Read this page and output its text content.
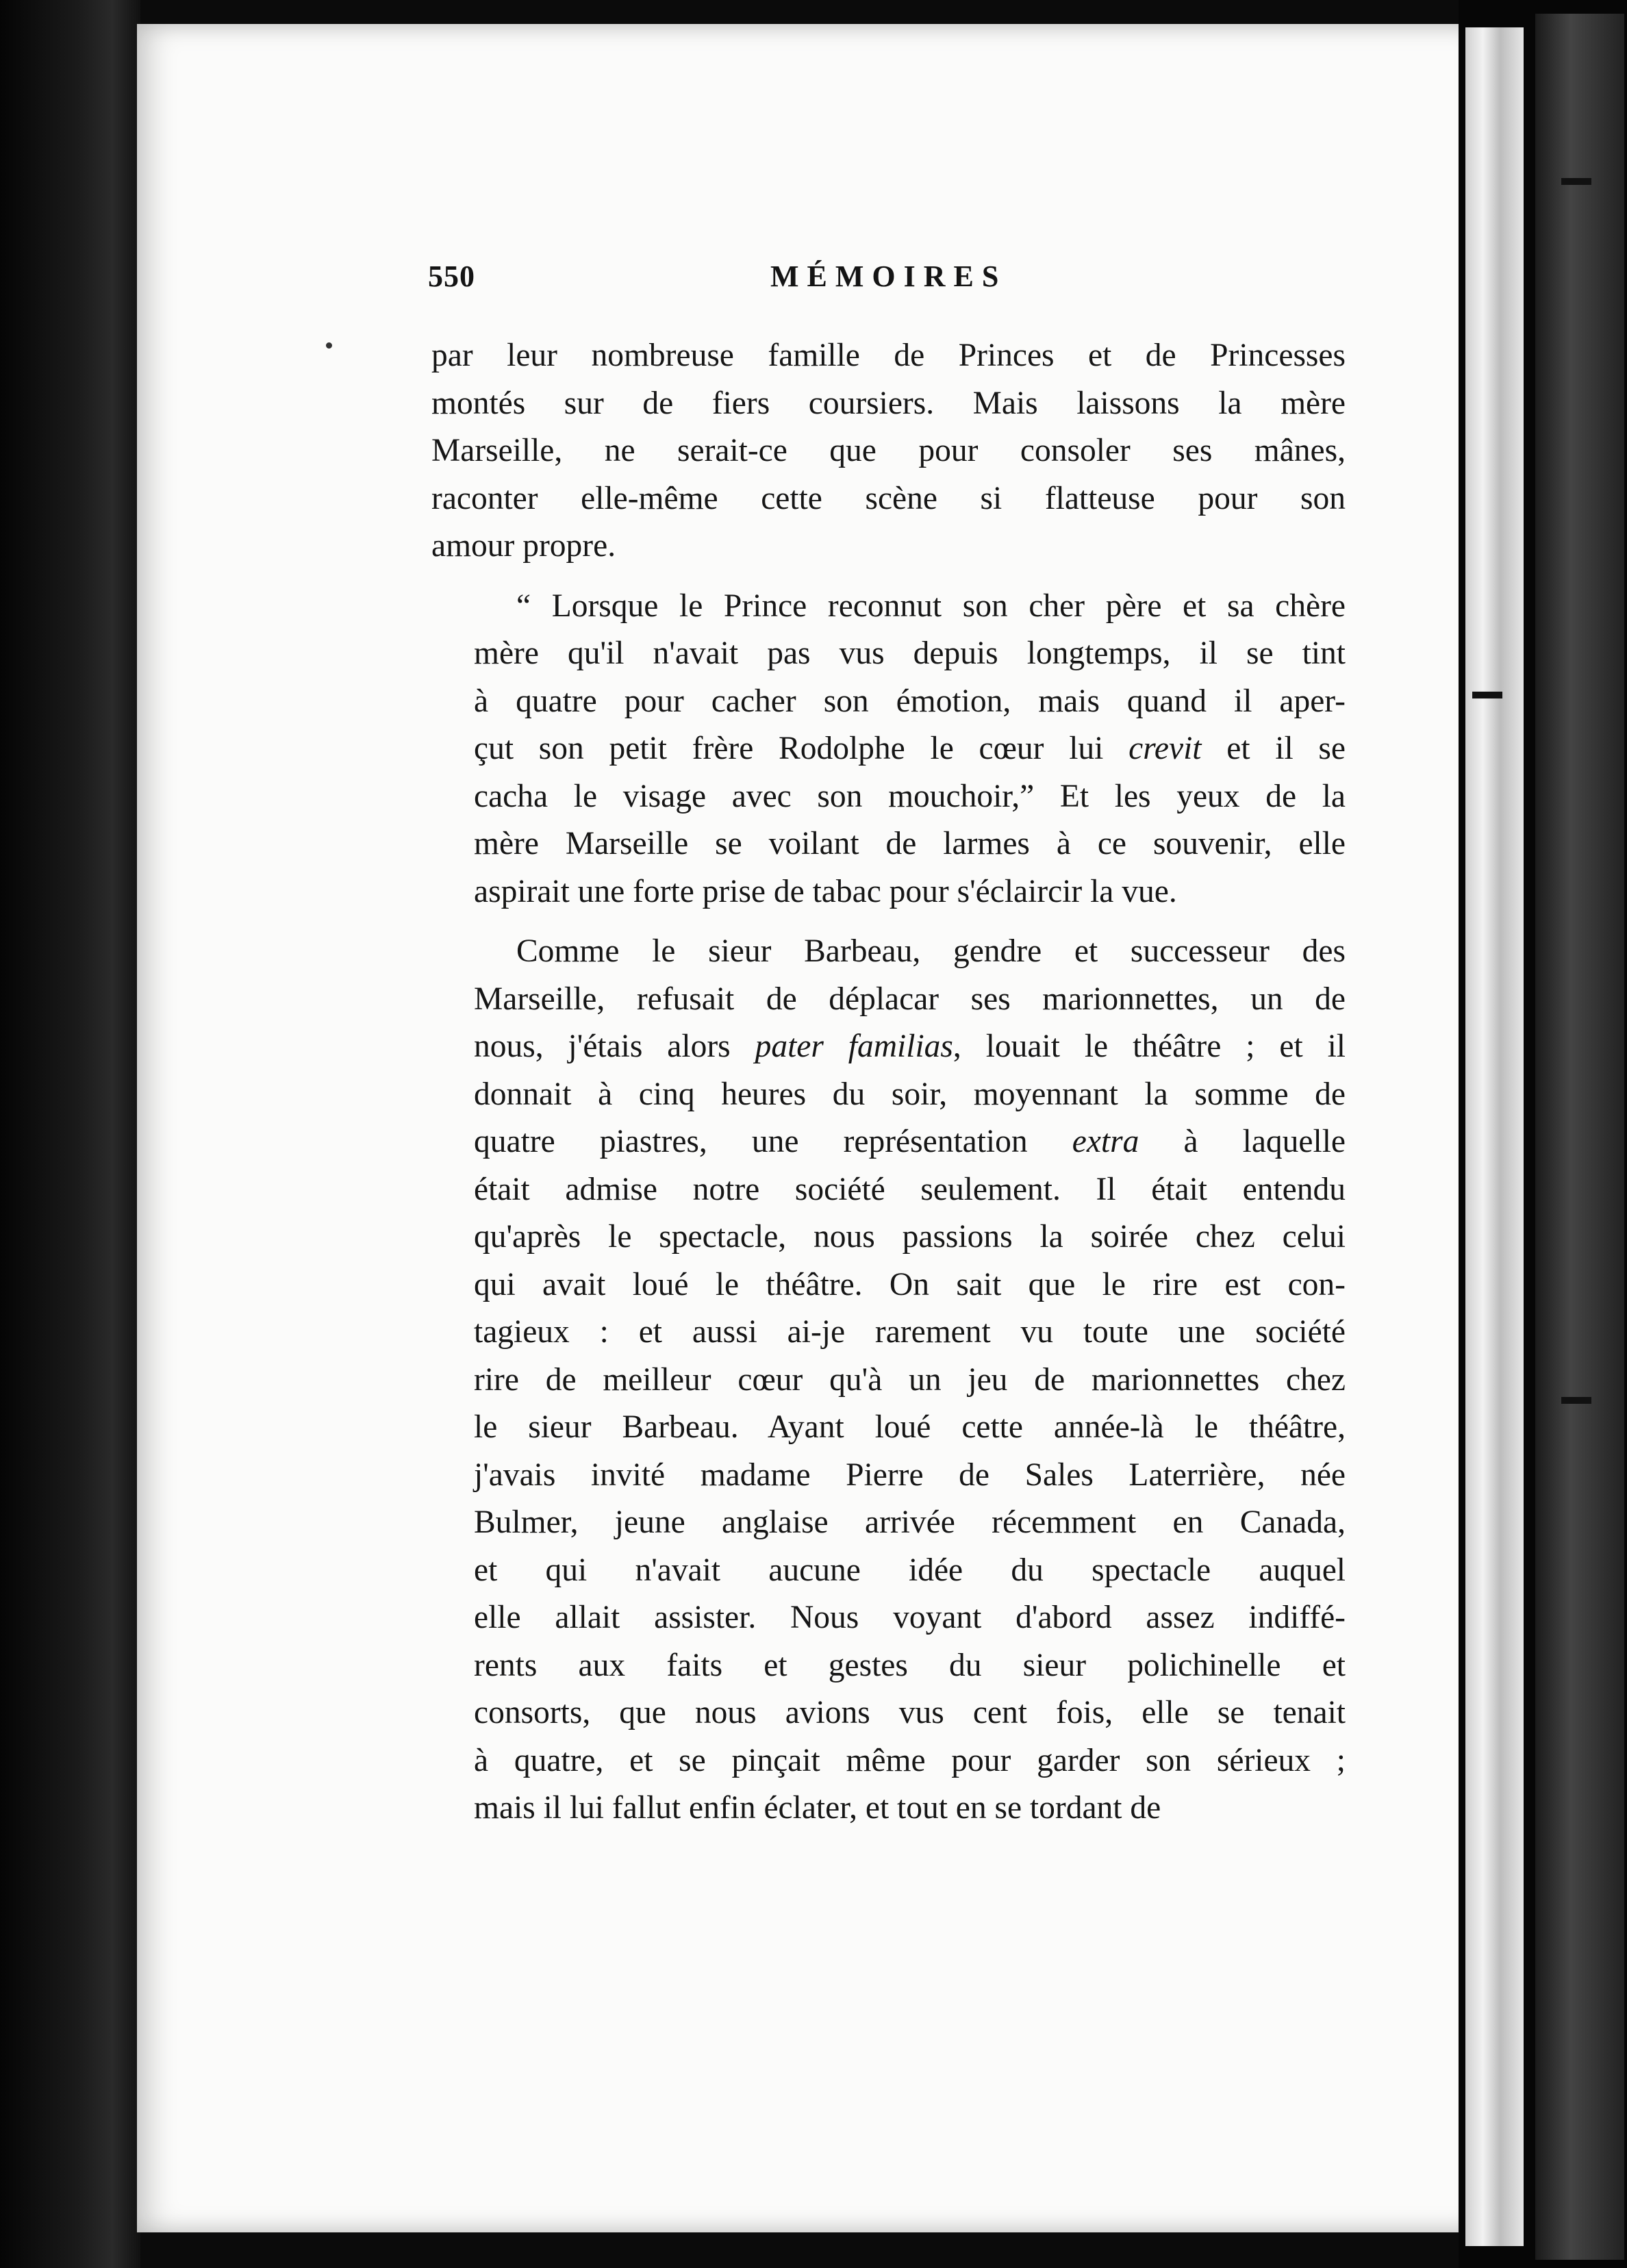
550	MÉMOIRES
par leur nombreuse famille de Princes et de Princesses
montés sur de fiers coursiers. Mais laissons la mère
Marseille, ne serait-ce que pour consoler ses mânes,
raconter elle-même cette scène si flatteuse pour son
amour propre.
“ Lorsque le Prince reconnut son cher père et sa chère
mère qu'il n'avait pas vus depuis longtemps, il se tint
à quatre pour cacher son émotion, mais quand il aper-
çut son petit frère Rodolphe le cœur lui crevit et il se
cacha le visage avec son mouchoir,” Et les yeux de la
mère Marseille se voilant de larmes à ce souvenir, elle
aspirait une forte prise de tabac pour s'éclaircir la vue.
Comme le sieur Barbeau, gendre et successeur des
Marseille, refusait de déplacar ses marionnettes, un de
nous, j'étais alors pater familias, louait le théâtre ; et il
donnait à cinq heures du soir, moyennant la somme de
quatre piastres, une représentation extra à laquelle
était admise notre société seulement. Il était entendu
qu'après le spectacle, nous passions la soirée chez celui
qui avait loué le théâtre. On sait que le rire est con-
tagieux : et aussi ai-je rarement vu toute une société
rire de meilleur cœur qu'à un jeu de marionnettes chez
le sieur Barbeau. Ayant loué cette année-là le théâtre,
j'avais invité madame Pierre de Sales Laterrière, née
Bulmer, jeune anglaise arrivée récemment en Canada,
et qui n'avait aucune idée du spectacle auquel
elle allait assister. Nous voyant d'abord assez indiffé-
rents aux faits et gestes du sieur polichinelle et
consorts, que nous avions vus cent fois, elle se tenait
à quatre, et se pinçait même pour garder son sérieux ;
mais il lui fallut enfin éclater, et tout en se tordant de
